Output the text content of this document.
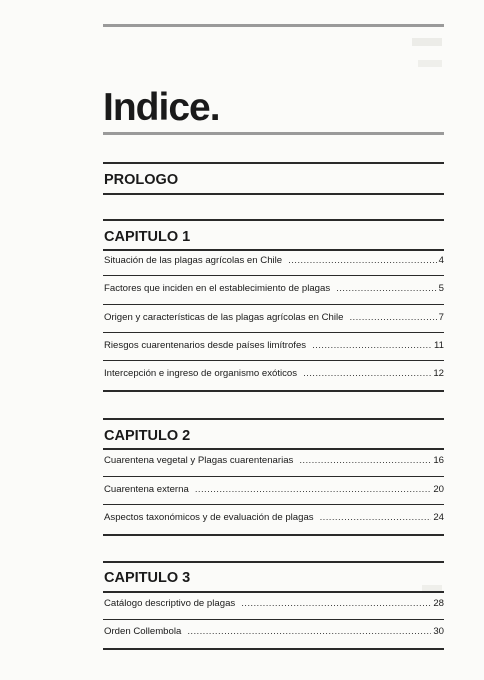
Indice.
PROLOGO
CAPITULO 1
Situación de las plagas agrícolas en Chile .....	4
Factores que inciden en el establecimiento de plagas .....	5
Origen y características de las plagas agrícolas en Chile .....	7
Riesgos cuarentenarios desde países limítrofes .....	11
Intercepción e ingreso de organismo exóticos .....	12
CAPITULO 2
Cuarentena vegetal y Plagas cuarentenarias .....	16
Cuarentena externa .....	20
Aspectos taxonómicos y de evaluación de plagas .....	24
CAPITULO 3
Catálogo descriptivo de plagas .....	28
Orden Collembola .....	30
